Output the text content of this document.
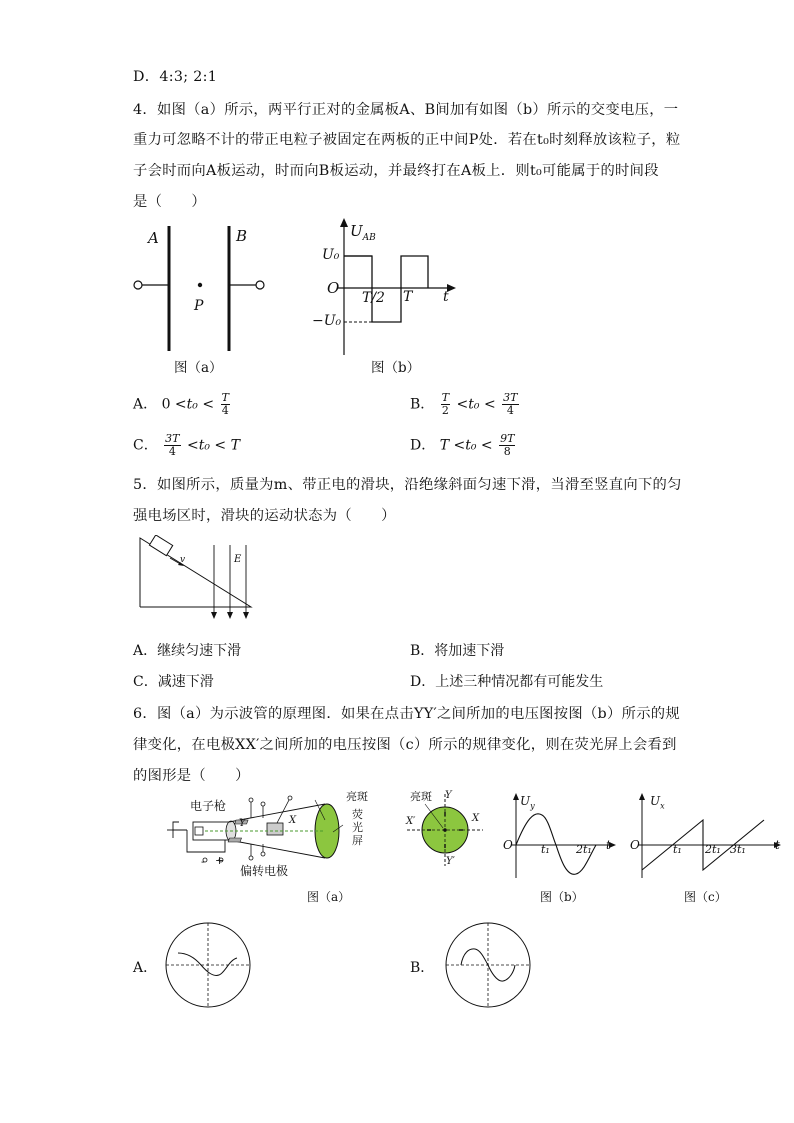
D．4:3; 2:1
4．如图（a）所示，两平行正对的金属板A、B间加有如图（b）所示的交变电压，一
重力可忽略不计的带正电粒子被固定在两板的正中间P处．若在t₀时刻释放该粒子，粒
子会时而向A板运动，时而向B板运动，并最终打在A板上．则t₀可能属于的时间段
是（　　）
A	B
P
图（a）
$U_{AB}$
U₀
O
−U₀
T/2 T t
图（b）
A． $0 <t_0 < \frac{T}{4}$	B． $\frac{T}{2} <t_0 < \frac{3T}{4}$
C． $\frac{3T}{4} <t_0 < T$	D． $T <t_0 < \frac{9T}{8}$
5．如图所示，质量为m、带正电的滑块，沿绝缘斜面匀速下滑，当滑至竖直向下的匀
强电场区时，滑块的运动状态为（　　）
v	E
A．继续匀速下滑	B．将加速下滑
C．减速下滑	D．上述三种情况都有可能发生
6．图（a）为示波管的原理图．如果在点击YY′之间所加的电压图按图（b）所示的规
律变化，在电极XX′之间所加的电压按图（c）所示的规律变化，则在荧光屏上会看到
的图形是（　　）
电子枪
亮斑
荧光屏
偏转电极
Y	X
- +
图（a）
亮斑 Y
Y′
X′	X
$U_y$
O	t₁ 2t₁ t
图（b）
$U_x$
O	t₁ 2t₁ 3t₁ t
图（c）
A．	B．
